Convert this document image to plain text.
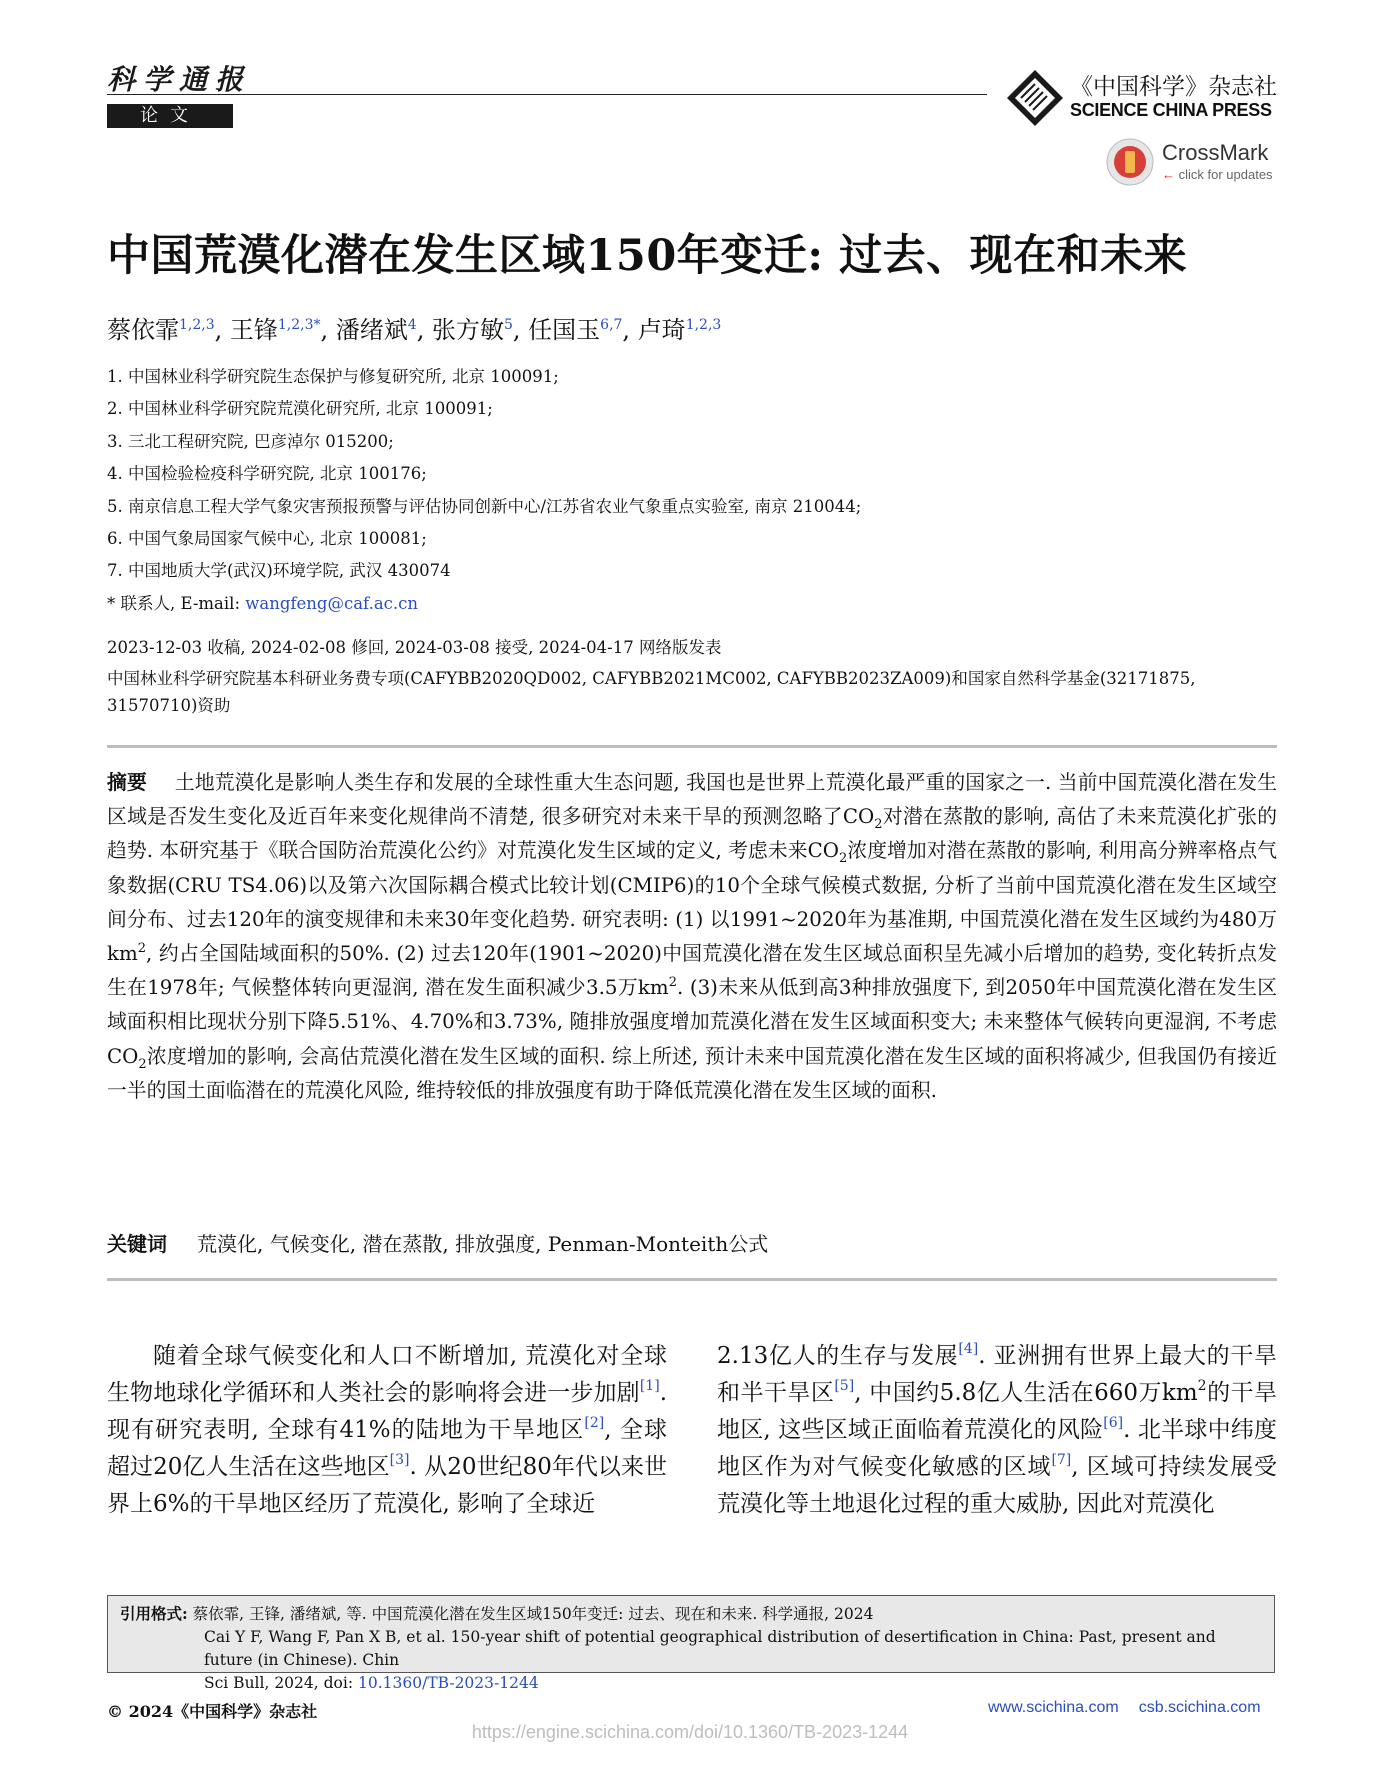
科学通报
论文
《中国科学》杂志社
SCIENCE CHINA PRESS
CrossMark
← click for updates
中国荒漠化潜在发生区域150年变迁: 过去、现在和未来
蔡依霏$^{1,2,3}$, 王锋$^{1,2,3*}$, 潘绪斌$^4$, 张方敏$^5$, 任国玉$^{6,7}$, 卢琦$^{1,2,3}$
1. 中国林业科学研究院生态保护与修复研究所, 北京 100091;
2. 中国林业科学研究院荒漠化研究所, 北京 100091;
3. 三北工程研究院, 巴彦淖尔 015200;
4. 中国检验检疫科学研究院, 北京 100176;
5. 南京信息工程大学气象灾害预报预警与评估协同创新中心/江苏省农业气象重点实验室, 南京 210044;
6. 中国气象局国家气候中心, 北京 100081;
7. 中国地质大学(武汉)环境学院, 武汉 430074
* 联系人, E-mail: wangfeng@caf.ac.cn
2023-12-03 收稿, 2024-02-08 修回, 2024-03-08 接受, 2024-04-17 网络版发表
中国林业科学研究院基本科研业务费专项(CAFYBB2020QD002, CAFYBB2021MC002, CAFYBB2023ZA009)和国家自然科学基金(32171875, 31570710)资助
摘要 土地荒漠化是影响人类生存和发展的全球性重大生态问题, 我国也是世界上荒漠化最严重的国家之一. 当前中国荒漠化潜在发生区域是否发生变化及近百年来变化规律尚不清楚, 很多研究对未来干旱的预测忽略了$CO_2$对潜在蒸散的影响, 高估了未来荒漠化扩张的趋势. 本研究基于《联合国防治荒漠化公约》对荒漠化发生区域的定义, 考虑未来$CO_2$浓度增加对潜在蒸散的影响, 利用高分辨率格点气象数据(CRU TS4.06)以及第六次国际耦合模式比较计划(CMIP6)的10个全球气候模式数据, 分析了当前中国荒漠化潜在发生区域空间分布、过去120年的演变规律和未来30年变化趋势. 研究表明: (1) 以1991~2020年为基准期, 中国荒漠化潜在发生区域约为480万$km^2$, 约占全国陆域面积的50%. (2) 过去120年(1901~2020)中国荒漠化潜在发生区域总面积呈先减小后增加的趋势, 变化转折点发生在1978年; 气候整体转向更湿润, 潜在发生面积减少3.5万$km^2$. (3)未来从低到高3种排放强度下, 到2050年中国荒漠化潜在发生区域面积相比现状分别下降5.51%、4.70%和3.73%, 随排放强度增加荒漠化潜在发生区域面积变大; 未来整体气候转向更湿润, 不考虑$CO_2$浓度增加的影响, 会高估荒漠化潜在发生区域的面积. 综上所述, 预计未来中国荒漠化潜在发生区域的面积将减少, 但我国仍有接近一半的国土面临潜在的荒漠化风险, 维持较低的排放强度有助于降低荒漠化潜在发生区域的面积.
关键词 荒漠化, 气候变化, 潜在蒸散, 排放强度, Penman-Monteith公式
随着全球气候变化和人口不断增加, 荒漠化对全球生物地球化学循环和人类社会的影响将会进一步加剧[1]. 现有研究表明, 全球有41%的陆地为干旱地区[2], 全球超过20亿人生活在这些地区[3]. 从20世纪80年代以来世界上6%的干旱地区经历了荒漠化, 影响了全球近
2.13亿人的生存与发展[4]. 亚洲拥有世界上最大的干旱和半干旱区[5], 中国约5.8亿人生活在660万$km^2$的干旱地区, 这些区域正面临着荒漠化的风险[6]. 北半球中纬度地区作为对气候变化敏感的区域[7], 区域可持续发展受荒漠化等土地退化过程的重大威胁, 因此对荒漠化
引用格式: 蔡依霏, 王锋, 潘绪斌, 等. 中国荒漠化潜在发生区域150年变迁: 过去、现在和未来. 科学通报, 2024
Cai Y F, Wang F, Pan X B, et al. 150-year shift of potential geographical distribution of desertification in China: Past, present and future (in Chinese). Chin
Sci Bull, 2024, doi: 10.1360/TB-2023-1244
© 2024《中国科学》杂志社	www.scichina.com csb.scichina.com
https://engine.scichina.com/doi/10.1360/TB-2023-1244
